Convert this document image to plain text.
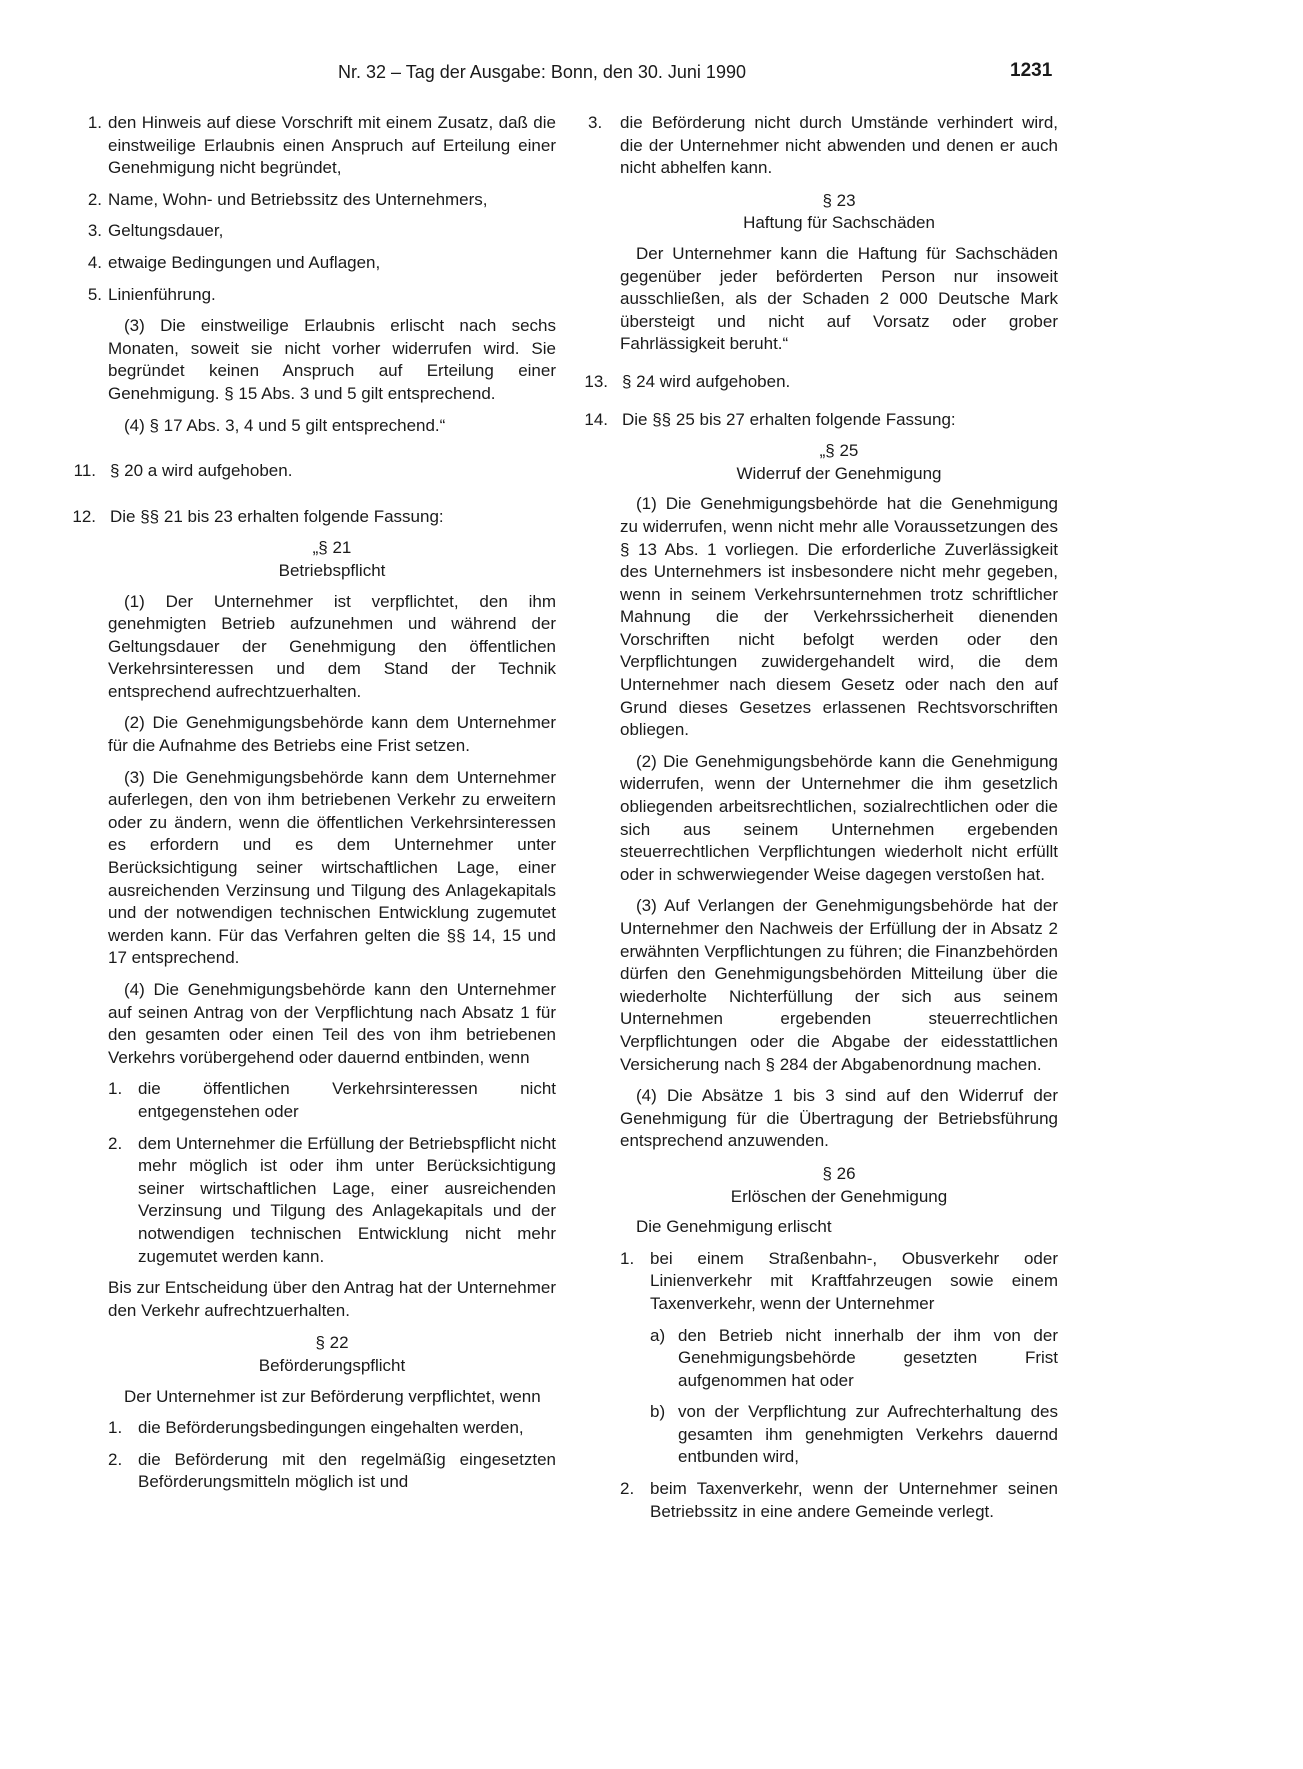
Nr. 32 – Tag der Ausgabe: Bonn, den 30. Juni 1990	1231
1. den Hinweis auf diese Vorschrift mit einem Zusatz, daß die einstweilige Erlaubnis einen Anspruch auf Erteilung einer Genehmigung nicht begründet,
2. Name, Wohn- und Betriebssitz des Unternehmers,
3. Geltungsdauer,
4. etwaige Bedingungen und Auflagen,
5. Linienführung.

(3) Die einstweilige Erlaubnis erlischt nach sechs Monaten, soweit sie nicht vorher widerrufen wird. Sie begründet keinen Anspruch auf Erteilung einer Genehmigung. § 15 Abs. 3 und 5 gilt entsprechend.

(4) § 17 Abs. 3, 4 und 5 gilt entsprechend.“

11. § 20 a wird aufgehoben.
12. Die §§ 21 bis 23 erhalten folgende Fassung:
„§ 21
Betriebspflicht

(1) Der Unternehmer ist verpflichtet, den ihm genehmigten Betrieb aufzunehmen und während der Geltungsdauer der Genehmigung den öffentlichen Verkehrsinteressen und dem Stand der Technik entsprechend aufrechtzuerhalten.

(2) Die Genehmigungsbehörde kann dem Unternehmer für die Aufnahme des Betriebs eine Frist setzen.

(3) Die Genehmigungsbehörde kann dem Unternehmer auferlegen, den von ihm betriebenen Verkehr zu erweitern oder zu ändern, wenn die öffentlichen Verkehrsinteressen es erfordern und es dem Unternehmer unter Berücksichtigung seiner wirtschaftlichen Lage, einer ausreichenden Verzinsung und Tilgung des Anlagekapitals und der notwendigen technischen Entwicklung zugemutet werden kann. Für das Verfahren gelten die §§ 14, 15 und 17 entsprechend.

(4) Die Genehmigungsbehörde kann den Unternehmer auf seinen Antrag von der Verpflichtung nach Absatz 1 für den gesamten oder einen Teil des von ihm betriebenen Verkehrs vorübergehend oder dauernd entbinden, wenn

1. die öffentlichen Verkehrsinteressen nicht entgegenstehen oder
2. dem Unternehmer die Erfüllung der Betriebspflicht nicht mehr möglich ist oder ihm unter Berücksichtigung seiner wirtschaftlichen Lage, einer ausreichenden Verzinsung und Tilgung des Anlagekapitals und der notwendigen technischen Entwicklung nicht mehr zugemutet werden kann.

Bis zur Entscheidung über den Antrag hat der Unternehmer den Verkehr aufrechtzuerhalten.

§ 22
Beförderungspflicht

Der Unternehmer ist zur Beförderung verpflichtet, wenn

1. die Beförderungsbedingungen eingehalten werden,
2. die Beförderung mit den regelmäßig eingesetzten Beförderungsmitteln möglich ist und
3.	die Beförderung nicht durch Umstände verhindert wird, die der Unternehmer nicht abwenden und denen er auch nicht abhelfen kann.
§ 23
Haftung für Sachschäden

Der Unternehmer kann die Haftung für Sachschäden gegenüber jeder beförderten Person nur insoweit ausschließen, als der Schaden 2 000 Deutsche Mark übersteigt und nicht auf Vorsatz oder grober Fahrlässigkeit beruht.“

13. § 24 wird aufgehoben.
14. Die §§ 25 bis 27 erhalten folgende Fassung:
„§ 25
Widerruf der Genehmigung

(1) Die Genehmigungsbehörde hat die Genehmigung zu widerrufen, wenn nicht mehr alle Voraussetzungen des § 13 Abs. 1 vorliegen. Die erforderliche Zuverlässigkeit des Unternehmers ist insbesondere nicht mehr gegeben, wenn in seinem Verkehrsunternehmen trotz schriftlicher Mahnung die der Verkehrssicherheit dienenden Vorschriften nicht befolgt werden oder den Verpflichtungen zuwidergehandelt wird, die dem Unternehmer nach diesem Gesetz oder nach den auf Grund dieses Gesetzes erlassenen Rechtsvorschriften obliegen.

(2) Die Genehmigungsbehörde kann die Genehmigung widerrufen, wenn der Unternehmer die ihm gesetzlich obliegenden arbeitsrechtlichen, sozialrechtlichen oder die sich aus seinem Unternehmen ergebenden steuerrechtlichen Verpflichtungen wiederholt nicht erfüllt oder in schwerwiegender Weise dagegen verstoßen hat.

(3) Auf Verlangen der Genehmigungsbehörde hat der Unternehmer den Nachweis der Erfüllung der in Absatz 2 erwähnten Verpflichtungen zu führen; die Finanzbehörden dürfen den Genehmigungsbehörden Mitteilung über die wiederholte Nichterfüllung der sich aus seinem Unternehmen ergebenden steuerrechtlichen Verpflichtungen oder die Abgabe der eidesstattlichen Versicherung nach § 284 der Abgabenordnung machen.

(4) Die Absätze 1 bis 3 sind auf den Widerruf der Genehmigung für die Übertragung der Betriebsführung entsprechend anzuwenden.

§ 26
Erlöschen der Genehmigung

Die Genehmigung erlischt

1. bei einem Straßenbahn-, Obusverkehr oder Linienverkehr mit Kraftfahrzeugen sowie einem Taxenverkehr, wenn der Unternehmer
a) den Betrieb nicht innerhalb der ihm von der Genehmigungsbehörde gesetzten Frist aufgenommen hat oder
b) von der Verpflichtung zur Aufrechterhaltung des gesamten ihm genehmigten Verkehrs dauernd entbunden wird,
2. beim Taxenverkehr, wenn der Unternehmer seinen Betriebssitz in eine andere Gemeinde verlegt.
